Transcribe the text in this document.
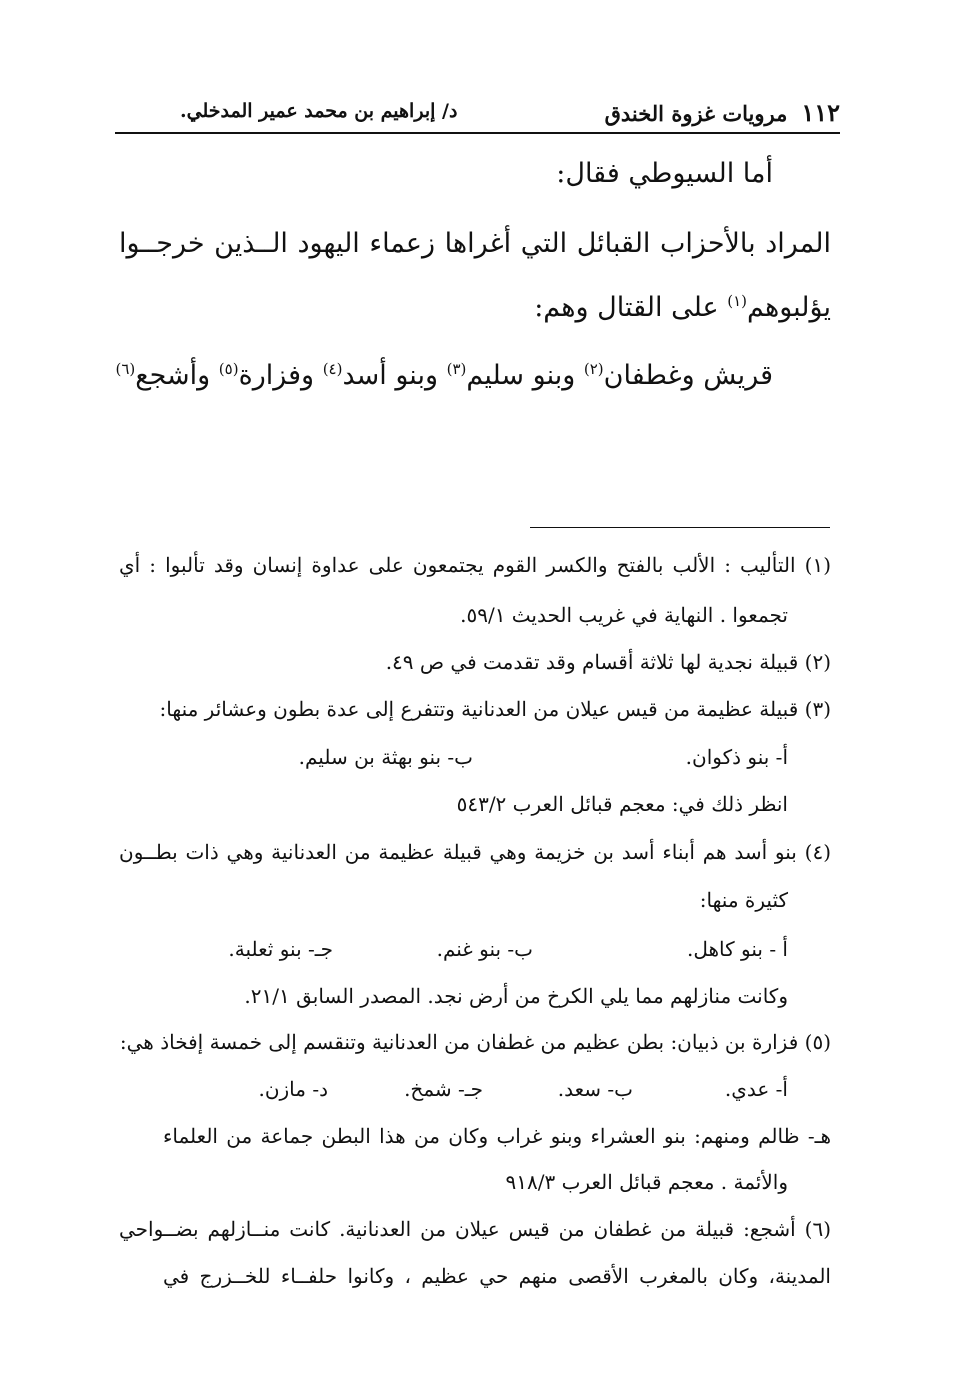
١١٢مرويات غزوة الخندق
د/ إبراهيم بن محمد عمير المدخلي.
أما السيوطي فقال:
المراد بالأحزاب القبائل التي أغراها زعماء اليهود الــذين خرجــوا
يؤلبوهم$^{(١)}$ على القتال وهم:
قريش وغطفان$^{(٢)}$ وبنو سليم$^{(٣)}$ وبنو أسد$^{(٤)}$ وفزارة$^{(٥)}$ وأشجع$^{(٦)}$
(١) التأليب : الألب بالفتح والكسر القوم يجتمعون على عداوة إنسان وقد تألبوا : أي
تجمعوا . النهاية في غريب الحديث ٥٩/١.
(٢) قبيلة نجدية لها ثلاثة أقسام وقد تقدمت في ص ٤٩.
(٣) قبيلة عظيمة من قيس عيلان من العدنانية وتتفرع إلى عدة بطون وعشائر منها:
أ- بنو ذكوان.
ب- بنو بهثة بن سليم.
انظر ذلك في: معجم قبائل العرب ٥٤٣/٢
(٤) بنو أسد هم أبناء أسد بن خزيمة وهي قبيلة عظيمة من العدنانية وهي ذات بطــون
كثيرة منها:
أ - بنو كاهل.
ب- بنو غنم.
جـ- بنو ثعلبة.
وكانت منازلهم مما يلي الكرخ من أرض نجد. المصدر السابق ٢١/١.
(٥) فزارة بن ذبيان: بطن عظيم من غطفان من العدنانية وتنقسم إلى خمسة إفخاذ هي:
أ- عدي.
ب- سعد.
جـ- شمخ.
د- مازن.
هـ- ظالم ومنهم: بنو العشراء وبنو غراب وكان من هذا البطن جماعة من العلماء
والأئمة . معجم قبائل العرب ٩١٨/٣
(٦) أشجع: قبيلة من غطفان من قيس عيلان من العدنانية. كانت منــازلهم بضــواحي
المدينة، وكان بالمغرب الأقصى منهم حي عظيم ، وكانوا حلفــاء للخــزرج في
